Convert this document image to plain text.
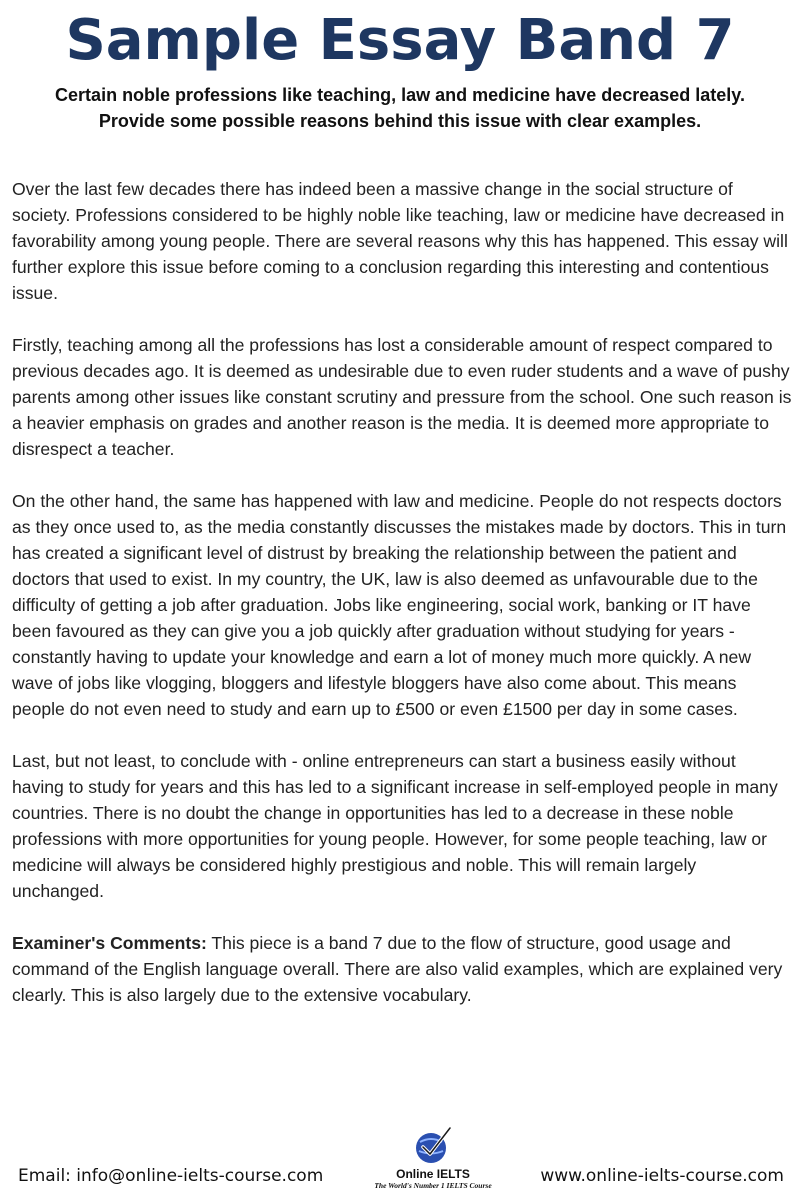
Sample Essay Band 7
Certain noble professions like teaching, law and medicine have decreased lately.
Provide some possible reasons behind this issue with clear examples.

Over the last few decades there has indeed been a massive change in the social structure of society. Professions considered to be highly noble like teaching, law or medicine have decreased in favorability among young people. There are several reasons why this has happened. This essay will further explore this issue before coming to a conclusion regarding this interesting and contentious issue.

Firstly, teaching among all the professions has lost a considerable amount of respect compared to previous decades ago. It is deemed as undesirable due to even ruder students and a wave of pushy parents among other issues like constant scrutiny and pressure from the school. One such reason is a heavier emphasis on grades and another reason is the media. It is deemed more appropriate to disrespect a teacher.

On the other hand, the same has happened with law and medicine. People do not respects doctors as they once used to, as the media constantly discusses the mistakes made by doctors. This in turn has created a significant level of distrust by breaking the relationship between the patient and doctors that used to exist. In my country, the UK, law is also deemed as unfavourable due to the difficulty of getting a job after graduation. Jobs like engineering, social work, banking or IT have been favoured as they can give you a job quickly after graduation without studying for years - constantly having to update your knowledge and earn a lot of money much more quickly. A new wave of jobs like vlogging, bloggers and lifestyle bloggers have also come about. This means people do not even need to study and earn up to £500 or even £1500 per day in some cases.

Last, but not least, to conclude with - online entrepreneurs can start a business easily without having to study for years and this has led to a significant increase in self-employed people in many countries. There is no doubt the change in opportunities has led to a decrease in these noble professions with more opportunities for young people. However, for some people teaching, law or medicine will always be considered highly prestigious and noble. This will remain largely unchanged.

Examiner's Comments: This piece is a band 7 due to the flow of structure, good usage and command of the English language overall. There are also valid examples, which are explained very clearly. This is also largely due to the extensive vocabulary.

Email: info@online-ielts-course.com	Online IELTS
The World's Number 1 IELTS Course	www.online-ielts-course.com
